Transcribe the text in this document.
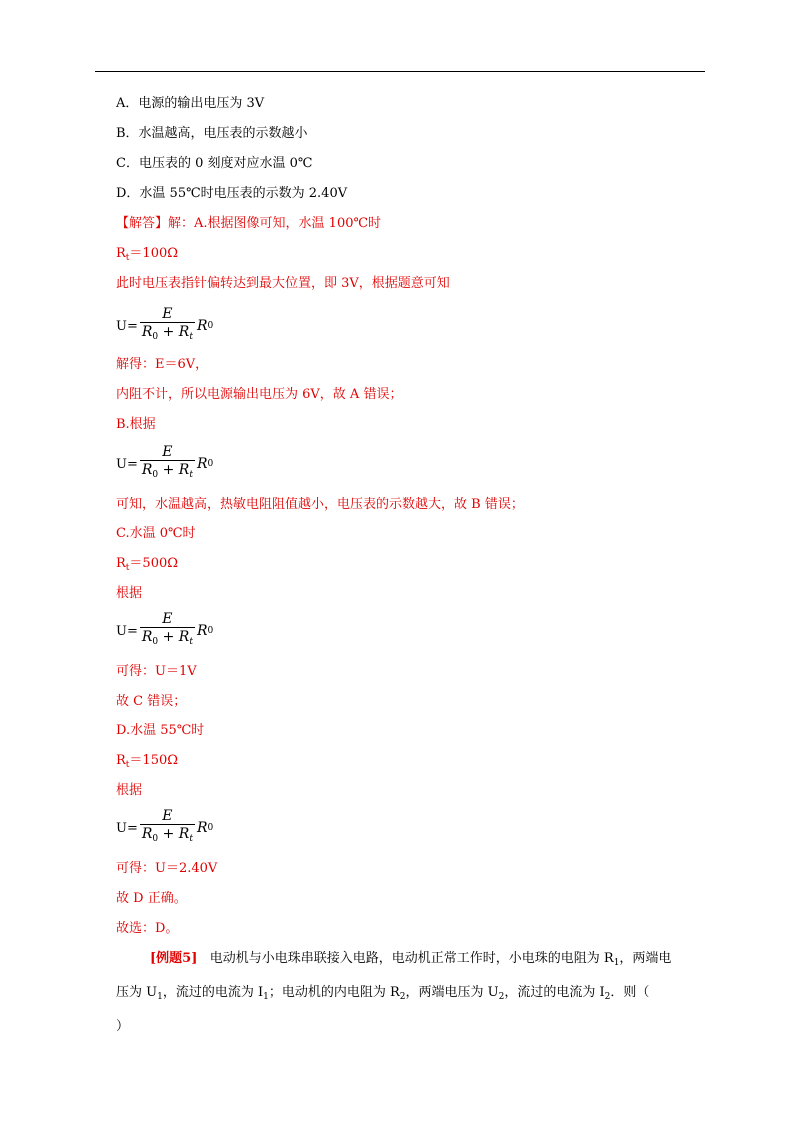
A．电源的输出电压为 3V
B．水温越高，电压表的示数越小
C．电压表的 0 刻度对应水温 0℃
D．水温 55℃时电压表的示数为 2.40V
【解答】解：A.根据图像可知，水温 100℃时
$R_t=100\Omega$
此时电压表指针偏转达到最大位置，即 3V，根据题意可知
$U= \frac{E}{R_0 + R_t}$ R 0
解得：E＝6V，
内阻不计，所以电源输出电压为 6V，故 A 错误；
B.根据
$U= \frac{E}{R_0 + R_t}$ R 0
可知，水温越高，热敏电阻阻值越小，电压表的示数越大，故 B 错误；
C.水温 0℃时
$R_t=500\Omega$
根据
$U= \frac{E}{R_0 + R_t}$ R 0
可得：U＝1V
故 C 错误；
D.水温 55℃时
$R_t=150\Omega$
根据
$U= \frac{E}{R_0 + R_t}$ R 0
可得：U＝2.40V
故 D 正确。
故选：D。
[例题5] 电动机与小电珠串联接入电路，电动机正常工作时，小电珠的电阻为 $R_1$，两端电
压为 $U_1$，流过的电流为 $I_1$；电动机的内电阻为 $R_2$，两端电压为 $U_2$，流过的电流为 $I_2$．则（
）
